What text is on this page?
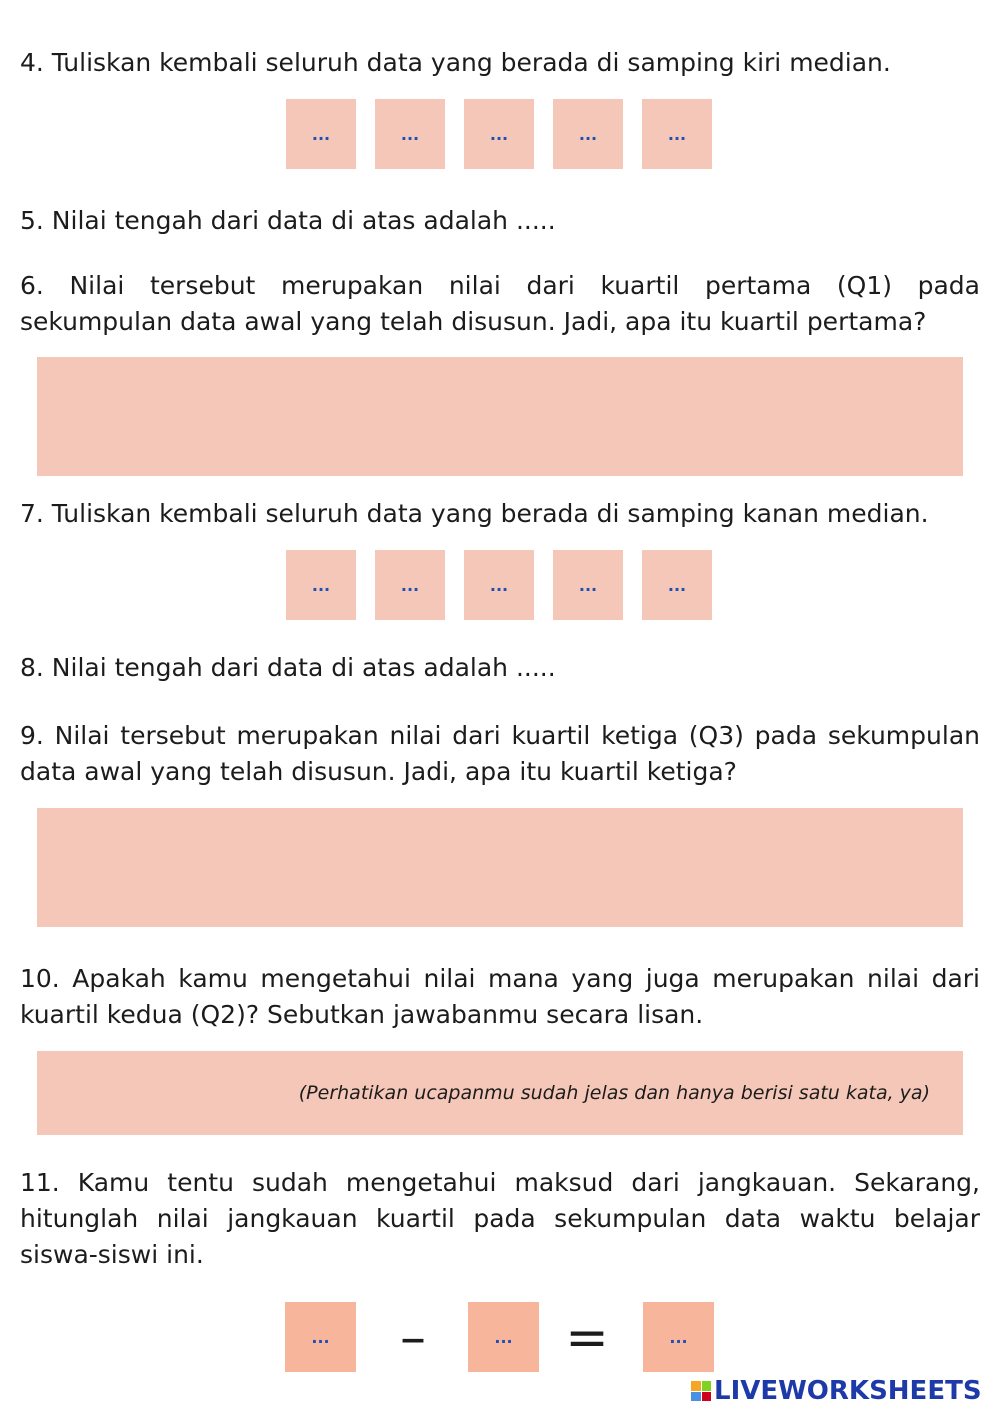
4. Tuliskan kembali seluruh data yang berada di samping kiri median.

...	...	...	...	...

5. Nilai tengah dari data di atas adalah .....

6. Nilai tersebut merupakan nilai dari kuartil pertama (Q1) pada sekumpulan data awal yang telah disusun. Jadi, apa itu kuartil pertama?

7. Tuliskan kembali seluruh data yang berada di samping kanan median.

...	...	...	...	...

8. Nilai tengah dari data di atas adalah .....

9. Nilai tersebut merupakan nilai dari kuartil ketiga (Q3) pada sekumpulan data awal yang telah disusun. Jadi, apa itu kuartil ketiga?

10. Apakah kamu mengetahui nilai mana yang juga merupakan nilai dari kuartil kedua (Q2)? Sebutkan jawabanmu secara lisan.

(Perhatikan ucapanmu sudah jelas dan hanya berisi satu kata, ya)

11. Kamu tentu sudah mengetahui maksud dari jangkauan. Sekarang, hitunglah nilai jangkauan kuartil pada sekumpulan data waktu belajar siswa-siswi ini.

...	–	...	=	...
LIVEWORKSHEETS
